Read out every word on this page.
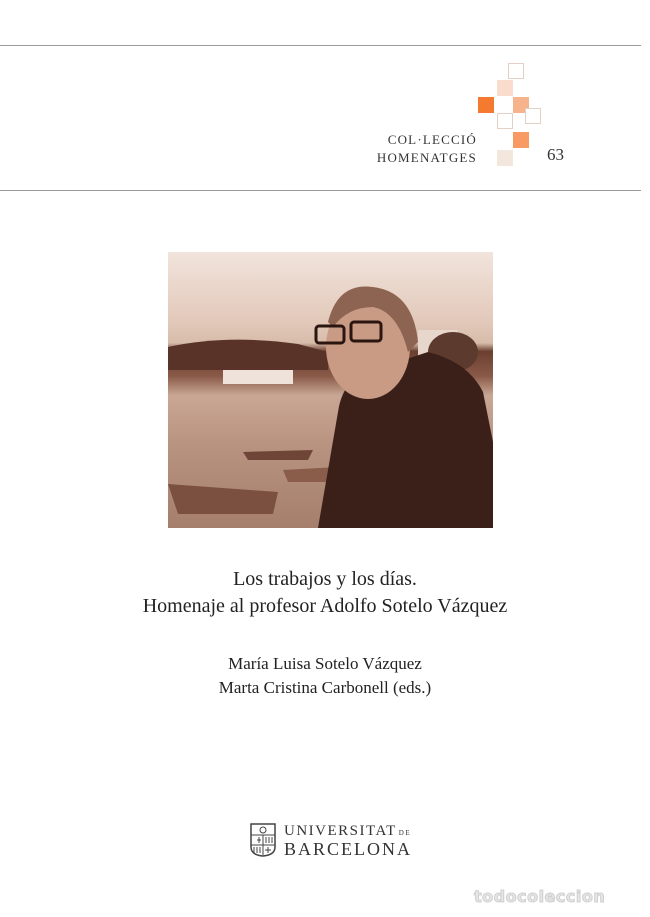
COL·LECCIÓ
HOMENATGES	63
Los trabajos y los días.
Homenaje al profesor Adolfo Sotelo Vázquez
María Luisa Sotelo Vázquez
Marta Cristina Carbonell (eds.)
UNIVERSITAT DE
BARCELONA
todocoleccion
